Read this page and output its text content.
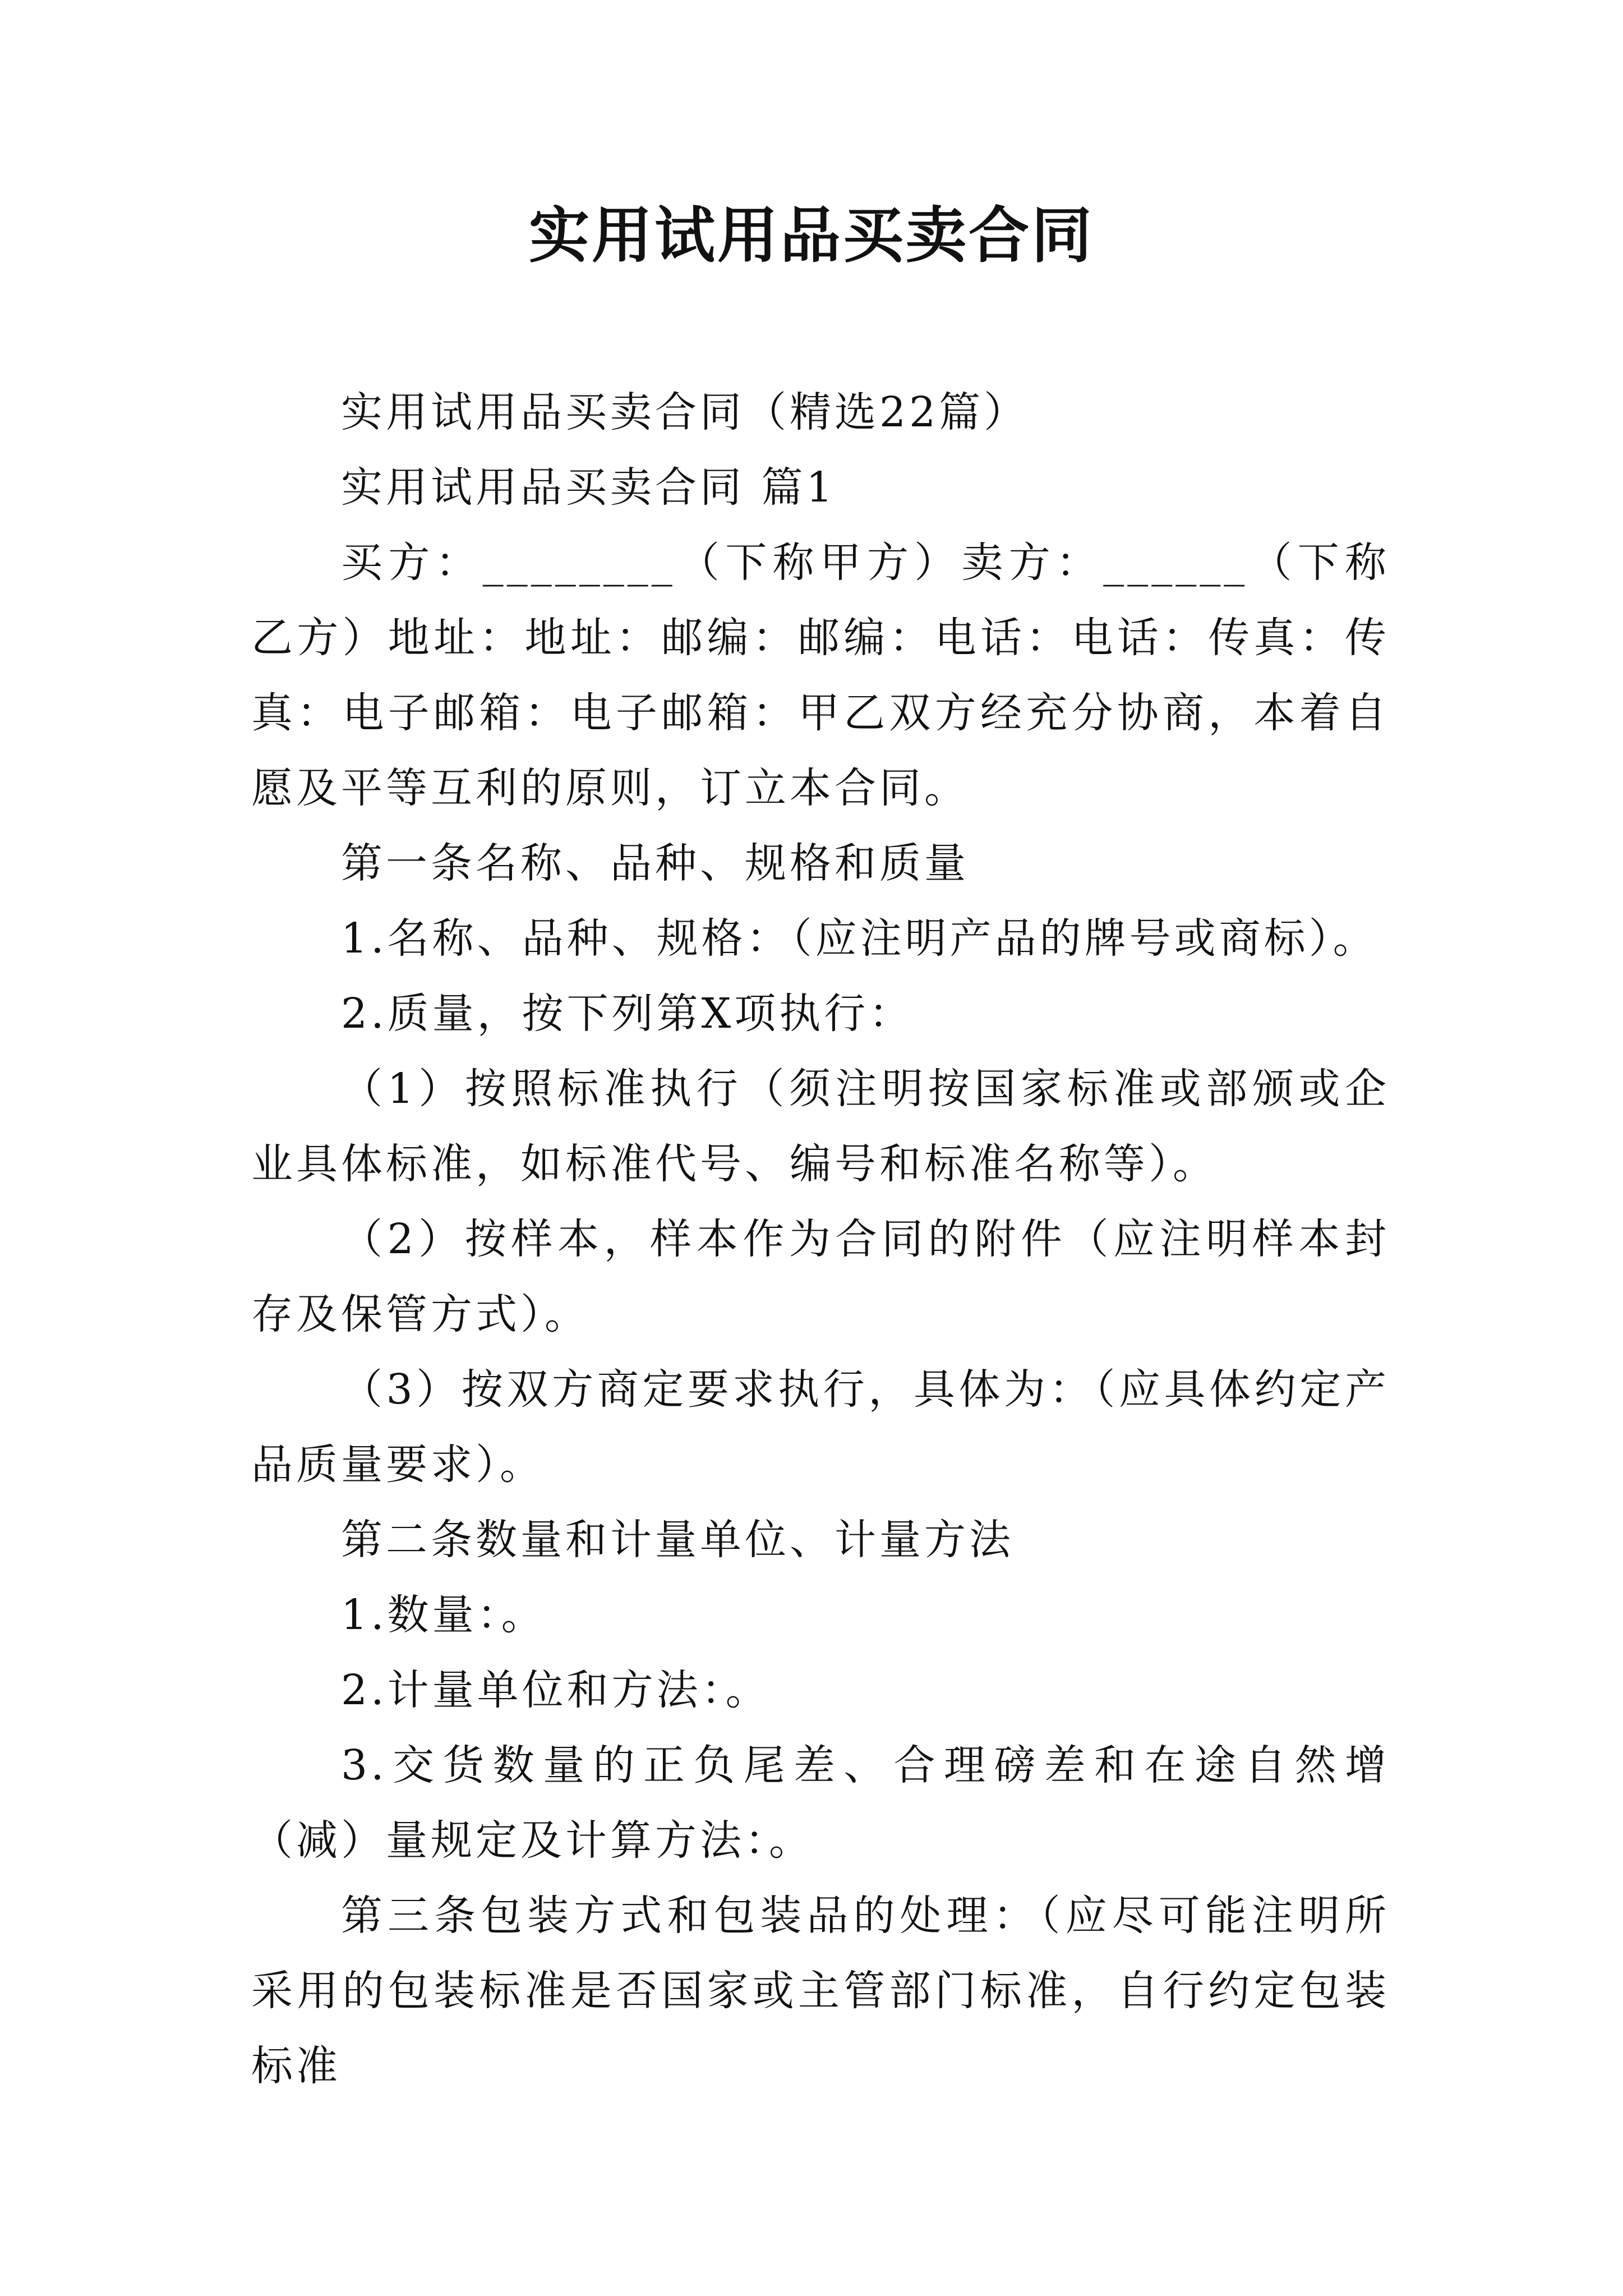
实用试用品买卖合同

实用试用品买卖合同（精选22篇）

实用试用品买卖合同 篇1

买方：________（下称甲方）卖方：______（下称乙方）地址：地址：邮编：邮编：电话：电话：传真：传真：电子邮箱：电子邮箱：甲乙双方经充分协商，本着自愿及平等互利的原则，订立本合同。

第一条名称、品种、规格和质量

1.名称、品种、规格：（应注明产品的牌号或商标）。

2.质量，按下列第X项执行：

（1）按照标准执行（须注明按国家标准或部颁或企业具体标准，如标准代号、编号和标准名称等）。

（2）按样本，样本作为合同的附件（应注明样本封存及保管方式）。

（3）按双方商定要求执行，具体为：（应具体约定产品质量要求）。

第二条数量和计量单位、计量方法

1.数量：。

2.计量单位和方法：。

3.交货数量的正负尾差、合理磅差和在途自然增（减）量规定及计算方法：。

第三条包装方式和包装品的处理：（应尽可能注明所采用的包装标准是否国家或主管部门标准，自行约定包装标准
